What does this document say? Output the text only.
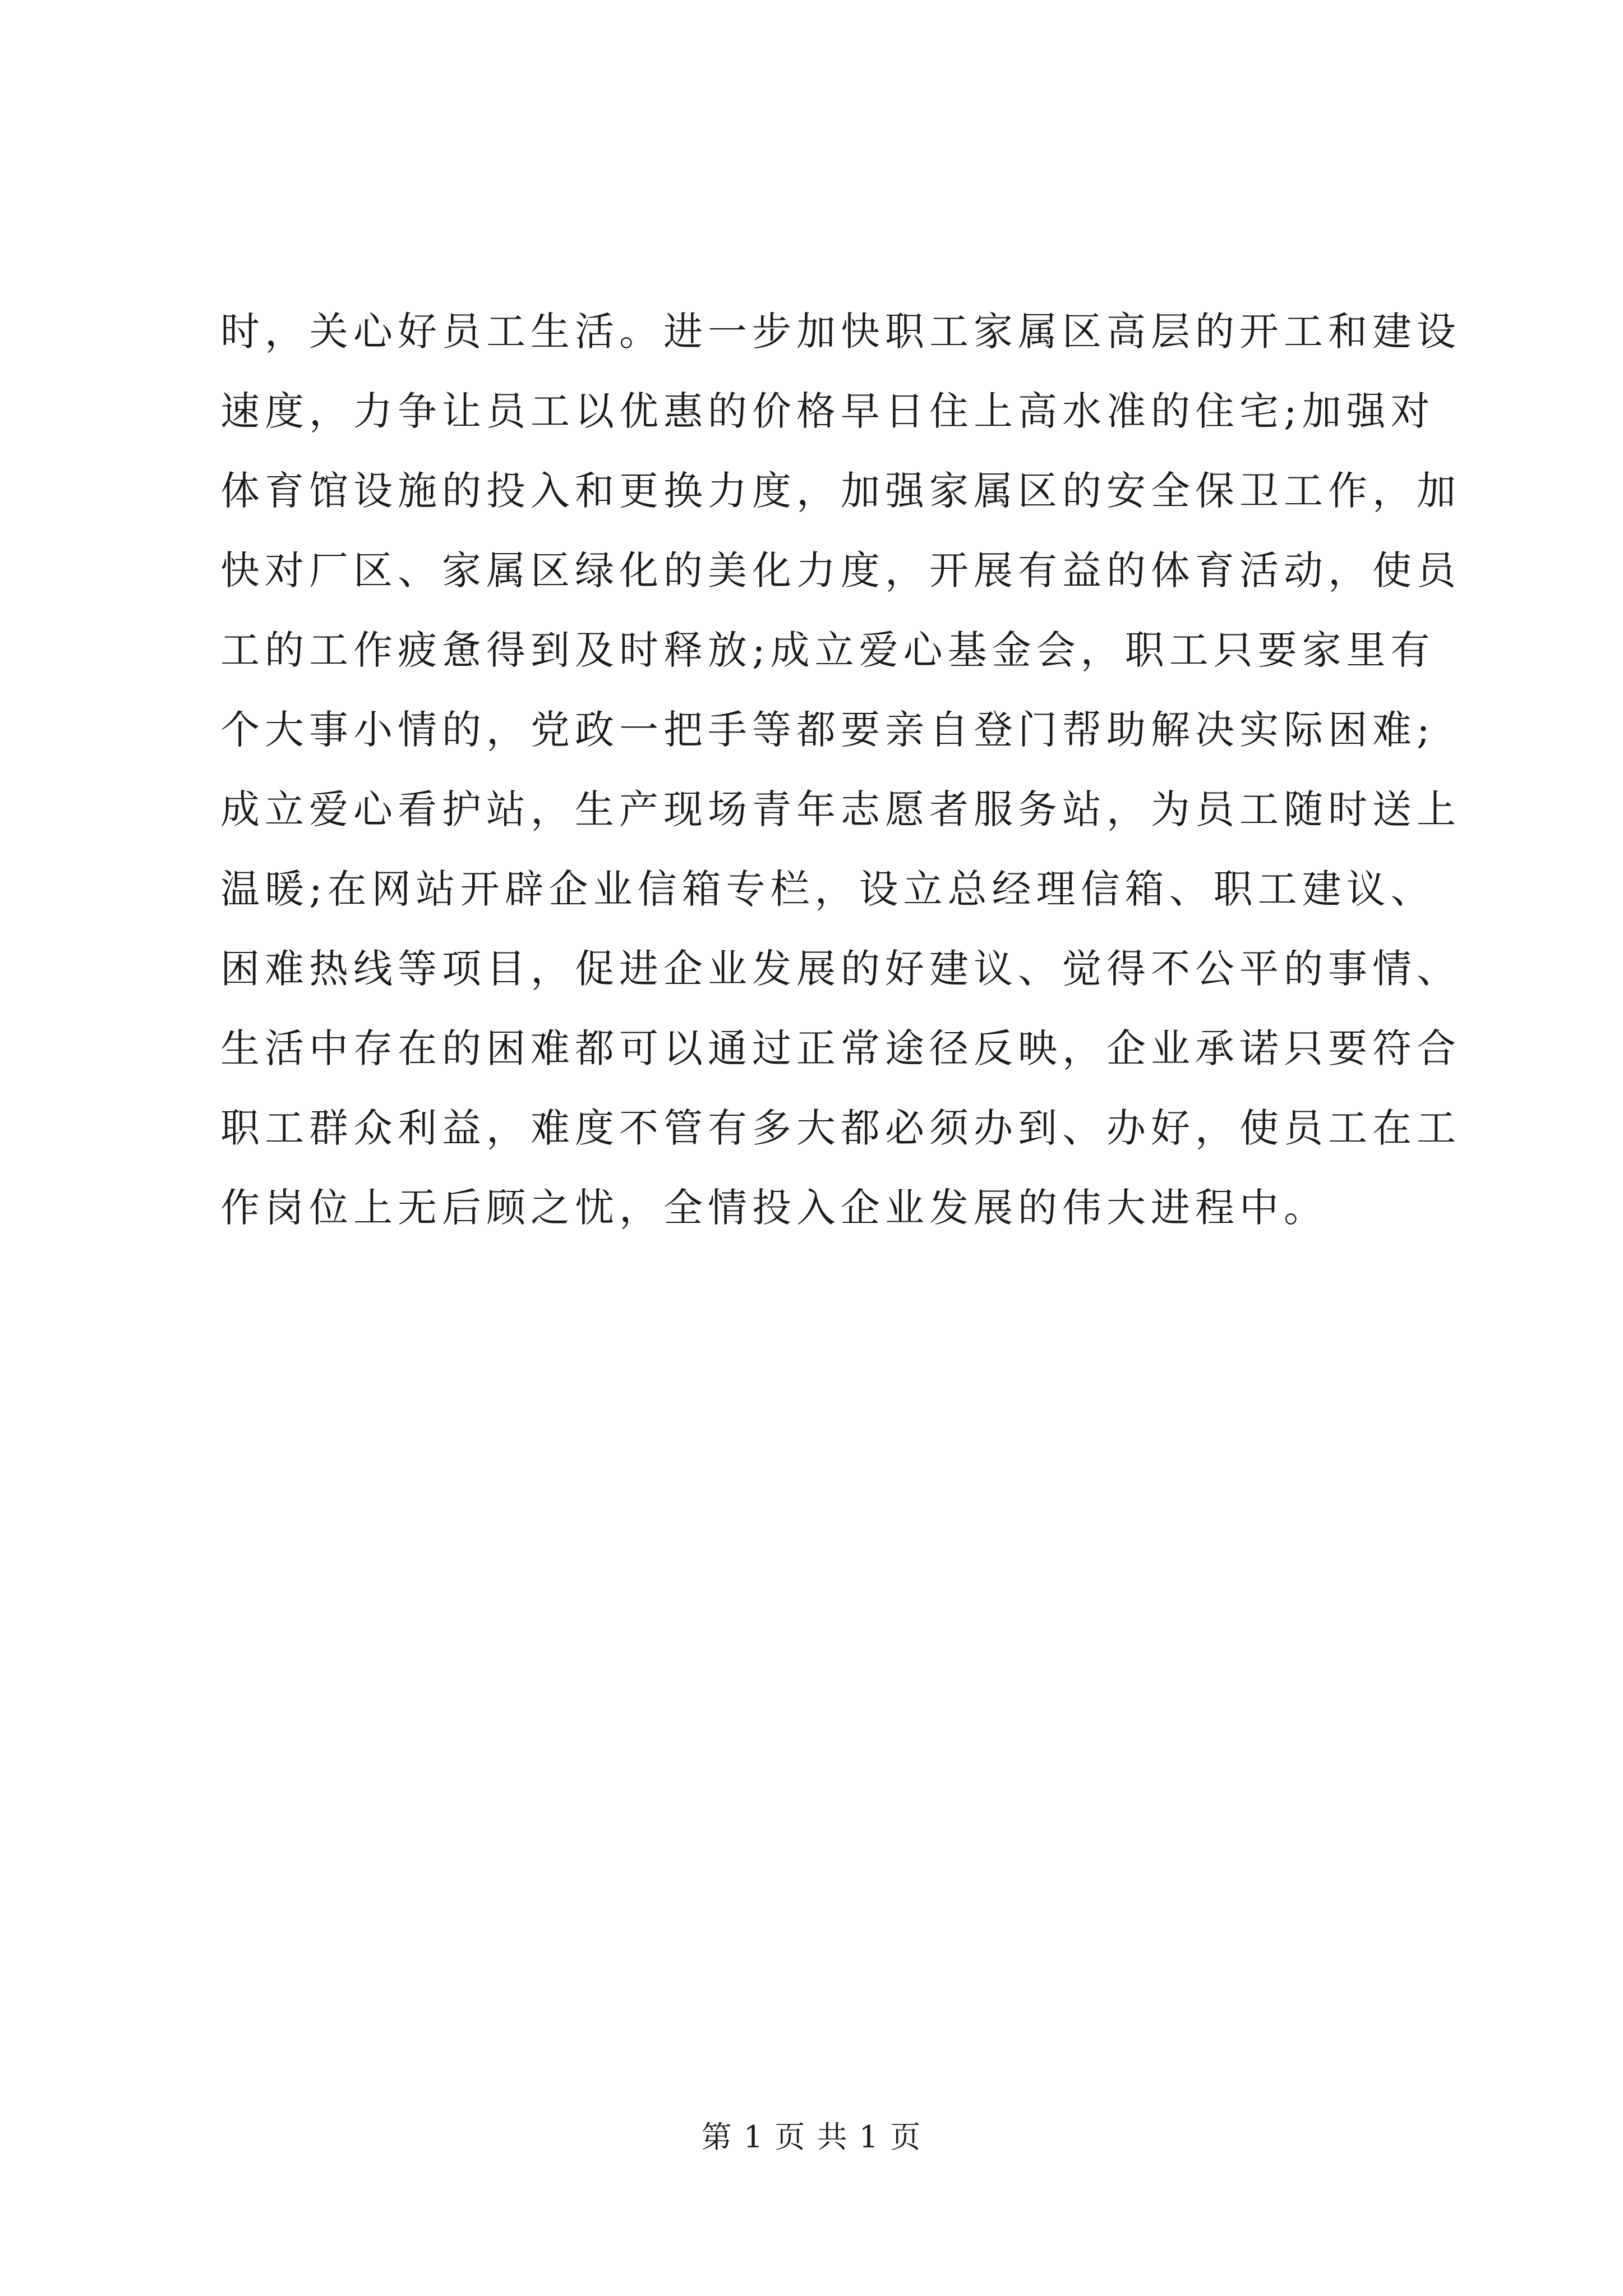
时，关心好员工生活。进一步加快职工家属区高层的开工和建设
速度，力争让员工以优惠的价格早日住上高水准的住宅;加强对
体育馆设施的投入和更换力度，加强家属区的安全保卫工作，加
快对厂区、家属区绿化的美化力度，开展有益的体育活动，使员
工的工作疲惫得到及时释放;成立爱心基金会，职工只要家里有
个大事小情的，党政一把手等都要亲自登门帮助解决实际困难;
成立爱心看护站，生产现场青年志愿者服务站，为员工随时送上
温暖;在网站开辟企业信箱专栏，设立总经理信箱、职工建议、
困难热线等项目，促进企业发展的好建议、觉得不公平的事情、
生活中存在的困难都可以通过正常途径反映，企业承诺只要符合
职工群众利益，难度不管有多大都必须办到、办好，使员工在工
作岗位上无后顾之忧，全情投入企业发展的伟大进程中。
第 1 页 共 1 页
